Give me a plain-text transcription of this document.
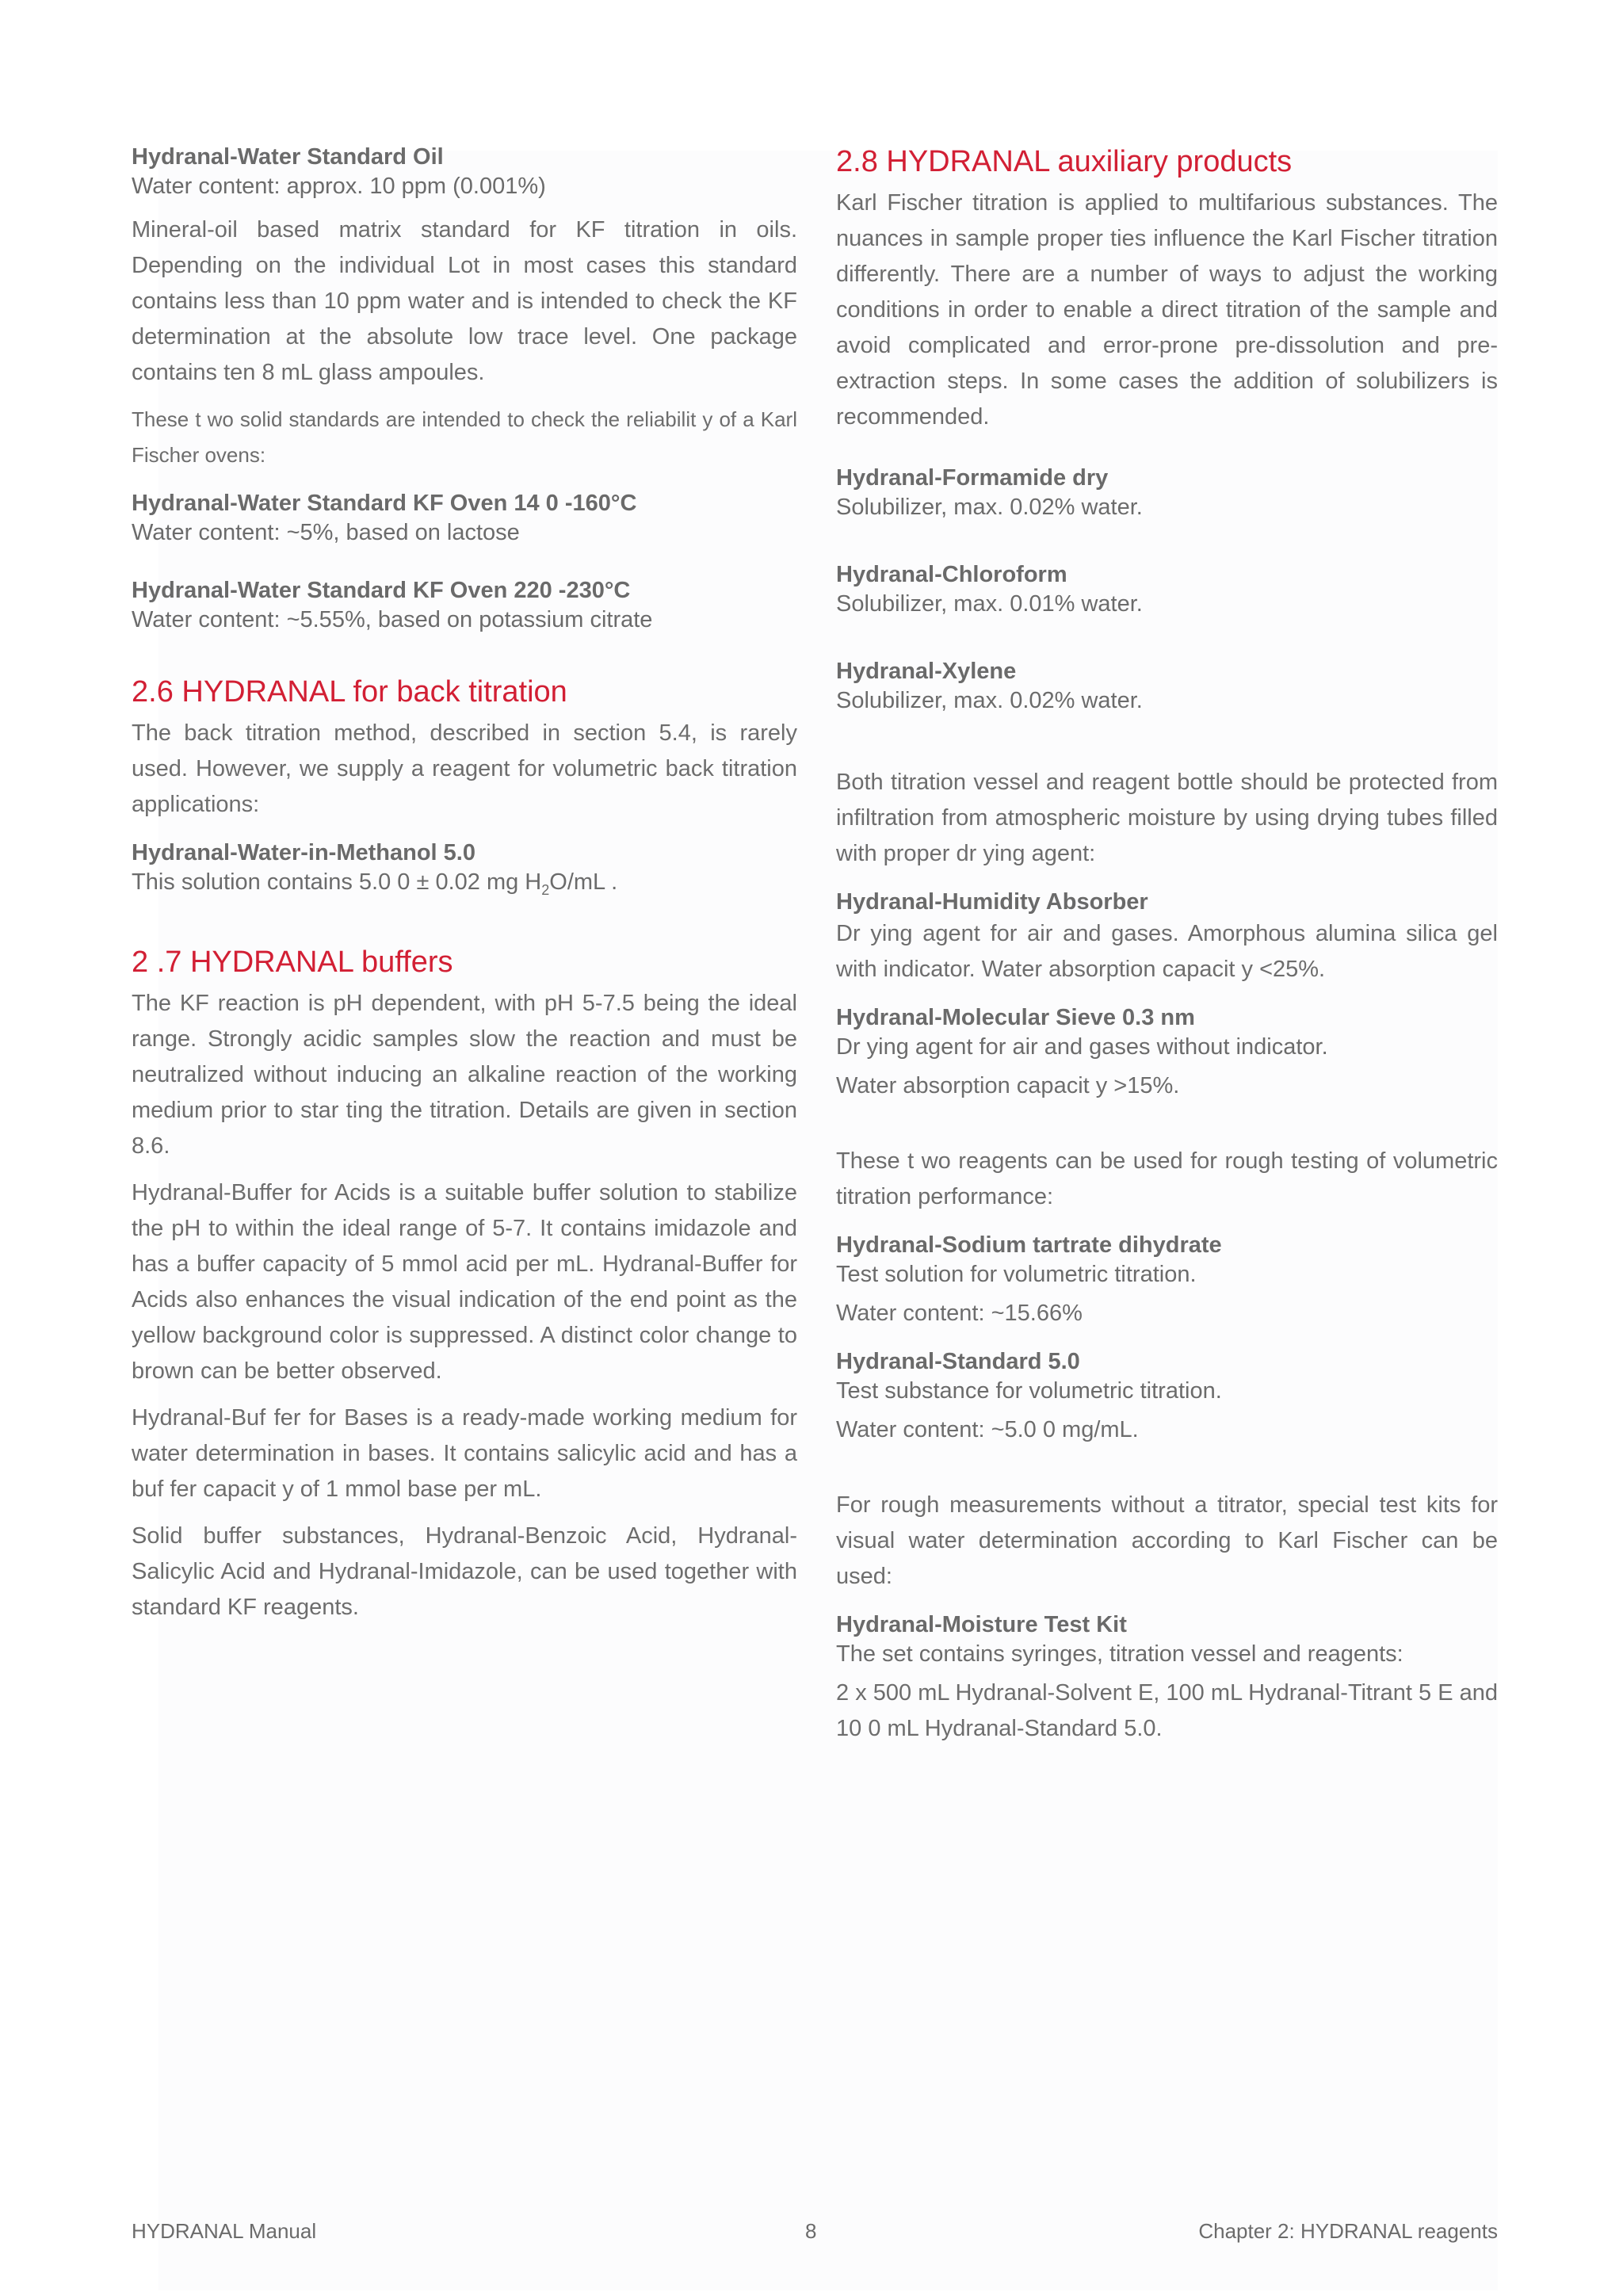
Hydranal-Water Standard Oil

Water content: approx. 10 ppm (0.001%)

Mineral-oil based matrix standard for KF titration in oils. Depending on the individual Lot in most cases this standard contains less than 10 ppm water and is intended to check the KF determination at the absolute low trace level. One package contains ten 8 mL glass ampoules.

These t wo solid standards are intended to check the reliabilit y of a Karl Fischer ovens:

Hydranal-Water Standard KF Oven 14 0 -160°C

Water content: ~5%, based on lactose

Hydranal-Water Standard KF Oven 220 -230°C

Water content: ~5.55%, based on potassium citrate

2.6 HYDRANAL for back titration

The back titration method, described in section 5.4, is rarely used. However, we supply a reagent for volumetric back titration applications:

Hydranal-Water-in-Methanol 5.0

This solution contains 5.0 0 ± 0.02 mg $H_2O/mL$ .

2 .7 HYDRANAL buffers

The KF reaction is pH dependent, with pH 5-7.5 being the ideal range. Strongly acidic samples slow the reaction and must be neutralized without inducing an alkaline reaction of the working medium prior to star ting the titration. Details are given in section 8.6.

Hydranal-Buffer for Acids is a suitable buffer solution to stabilize the pH to within the ideal range of 5-7. It contains imidazole and has a buffer capacity of 5 mmol acid per mL. Hydranal-Buffer for Acids also enhances the visual indication of the end point as the yellow background color is suppressed. A distinct color change to brown can be better observed.

Hydranal-Buf fer for Bases is a ready-made working medium for water determination in bases. It contains salicylic acid and has a buf fer capacit y of 1 mmol base per mL.

Solid buffer substances, Hydranal-Benzoic Acid, Hydranal-Salicylic Acid and Hydranal-Imidazole, can be used together with standard KF reagents.

2.8 HYDRANAL auxiliary products

Karl Fischer titration is applied to multifarious substances. The nuances in sample proper ties influence the Karl Fischer titration differently. There are a number of ways to adjust the working conditions in order to enable a direct titration of the sample and avoid complicated and error-prone pre-dissolution and pre-extraction steps. In some cases the addition of solubilizers is recommended.

Hydranal-Formamide dry

Solubilizer, max. 0.02% water.

Hydranal-Chloroform

Solubilizer, max. 0.01% water.

Hydranal-Xylene

Solubilizer, max. 0.02% water.

Both titration vessel and reagent bottle should be protected from infiltration from atmospheric moisture by using drying tubes filled with proper dr ying agent:

Hydranal-Humidity Absorber

Dr ying agent for air and gases. Amorphous alumina silica gel with indicator. Water absorption capacit y <25%.

Hydranal-Molecular Sieve 0.3 nm

Dr ying agent for air and gases without indicator.

Water absorption capacit y >15%.

These t wo reagents can be used for rough testing of volumetric titration performance:

Hydranal-Sodium tartrate dihydrate

Test solution for volumetric titration.

Water content: ~15.66%

Hydranal-Standard 5.0

Test substance for volumetric titration.

Water content: ~5.0 0 mg/mL.

For rough measurements without a titrator, special test kits for visual water determination according to Karl Fischer can be used:

Hydranal-Moisture Test Kit

The set contains syringes, titration vessel and reagents:

2 x 500 mL Hydranal-Solvent E, 100 mL Hydranal-Titrant 5 E and 10 0 mL Hydranal-Standard 5.0.

HYDRANAL Manual	8	Chapter 2: HYDRANAL reagents
